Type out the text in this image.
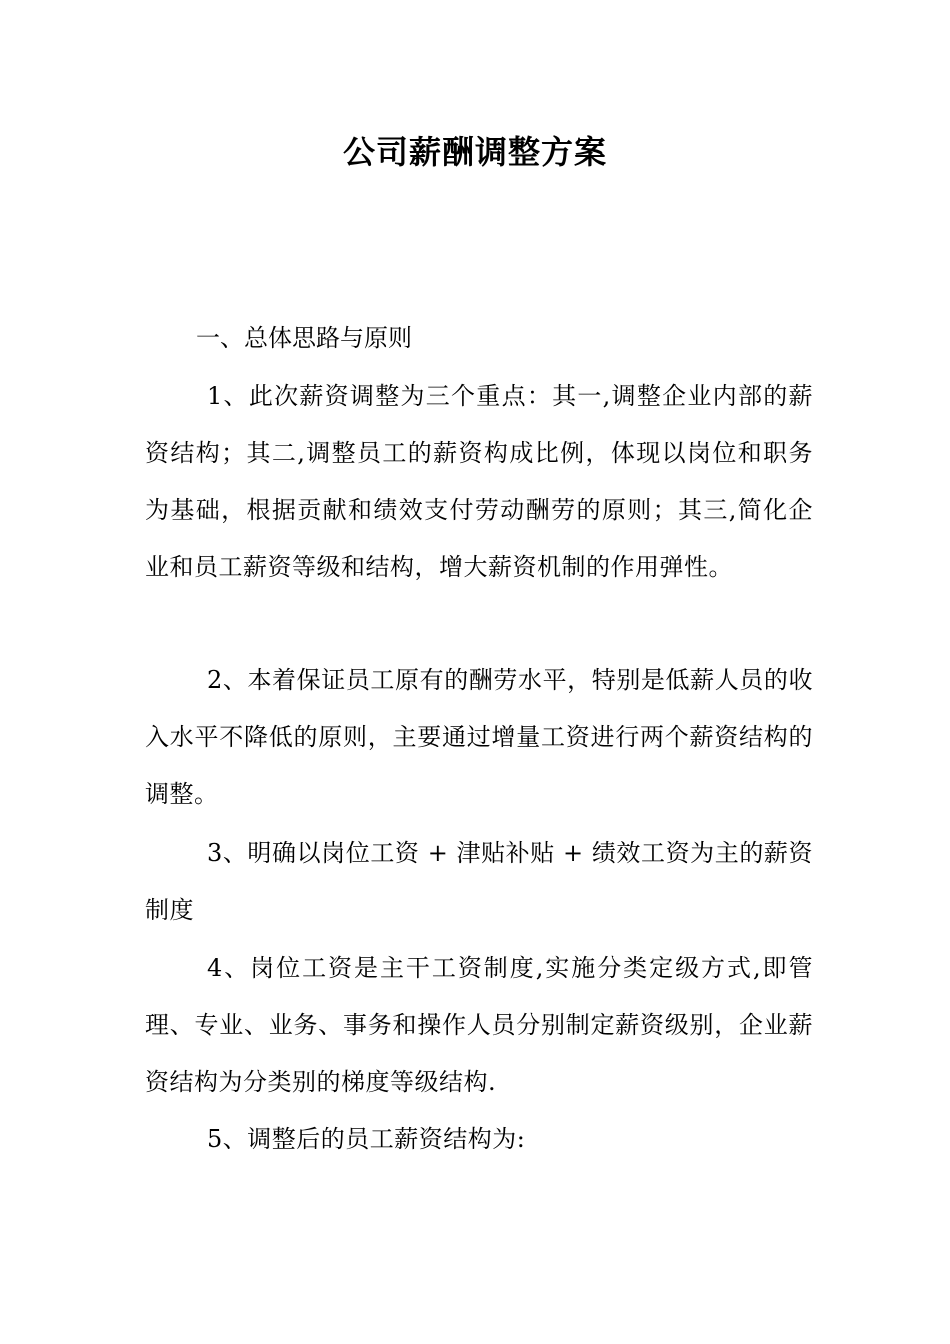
公司薪酬调整方案
一、总体思路与原则

1、此次薪资调整为三个重点：其一,调整企业内部的薪资结构；其二,调整员工的薪资构成比例，体现以岗位和职务为基础，根据贡献和绩效支付劳动酬劳的原则；其三,简化企业和员工薪资等级和结构，增大薪资机制的作用弹性。

2、本着保证员工原有的酬劳水平，特别是低薪人员的收入水平不降低的原则，主要通过增量工资进行两个薪资结构的调整。

3、明确以岗位工资 + 津贴补贴 + 绩效工资为主的薪资制度

4、岗位工资是主干工资制度,实施分类定级方式,即管理、专业、业务、事务和操作人员分别制定薪资级别，企业薪资结构为分类别的梯度等级结构.

5、调整后的员工薪资结构为:
